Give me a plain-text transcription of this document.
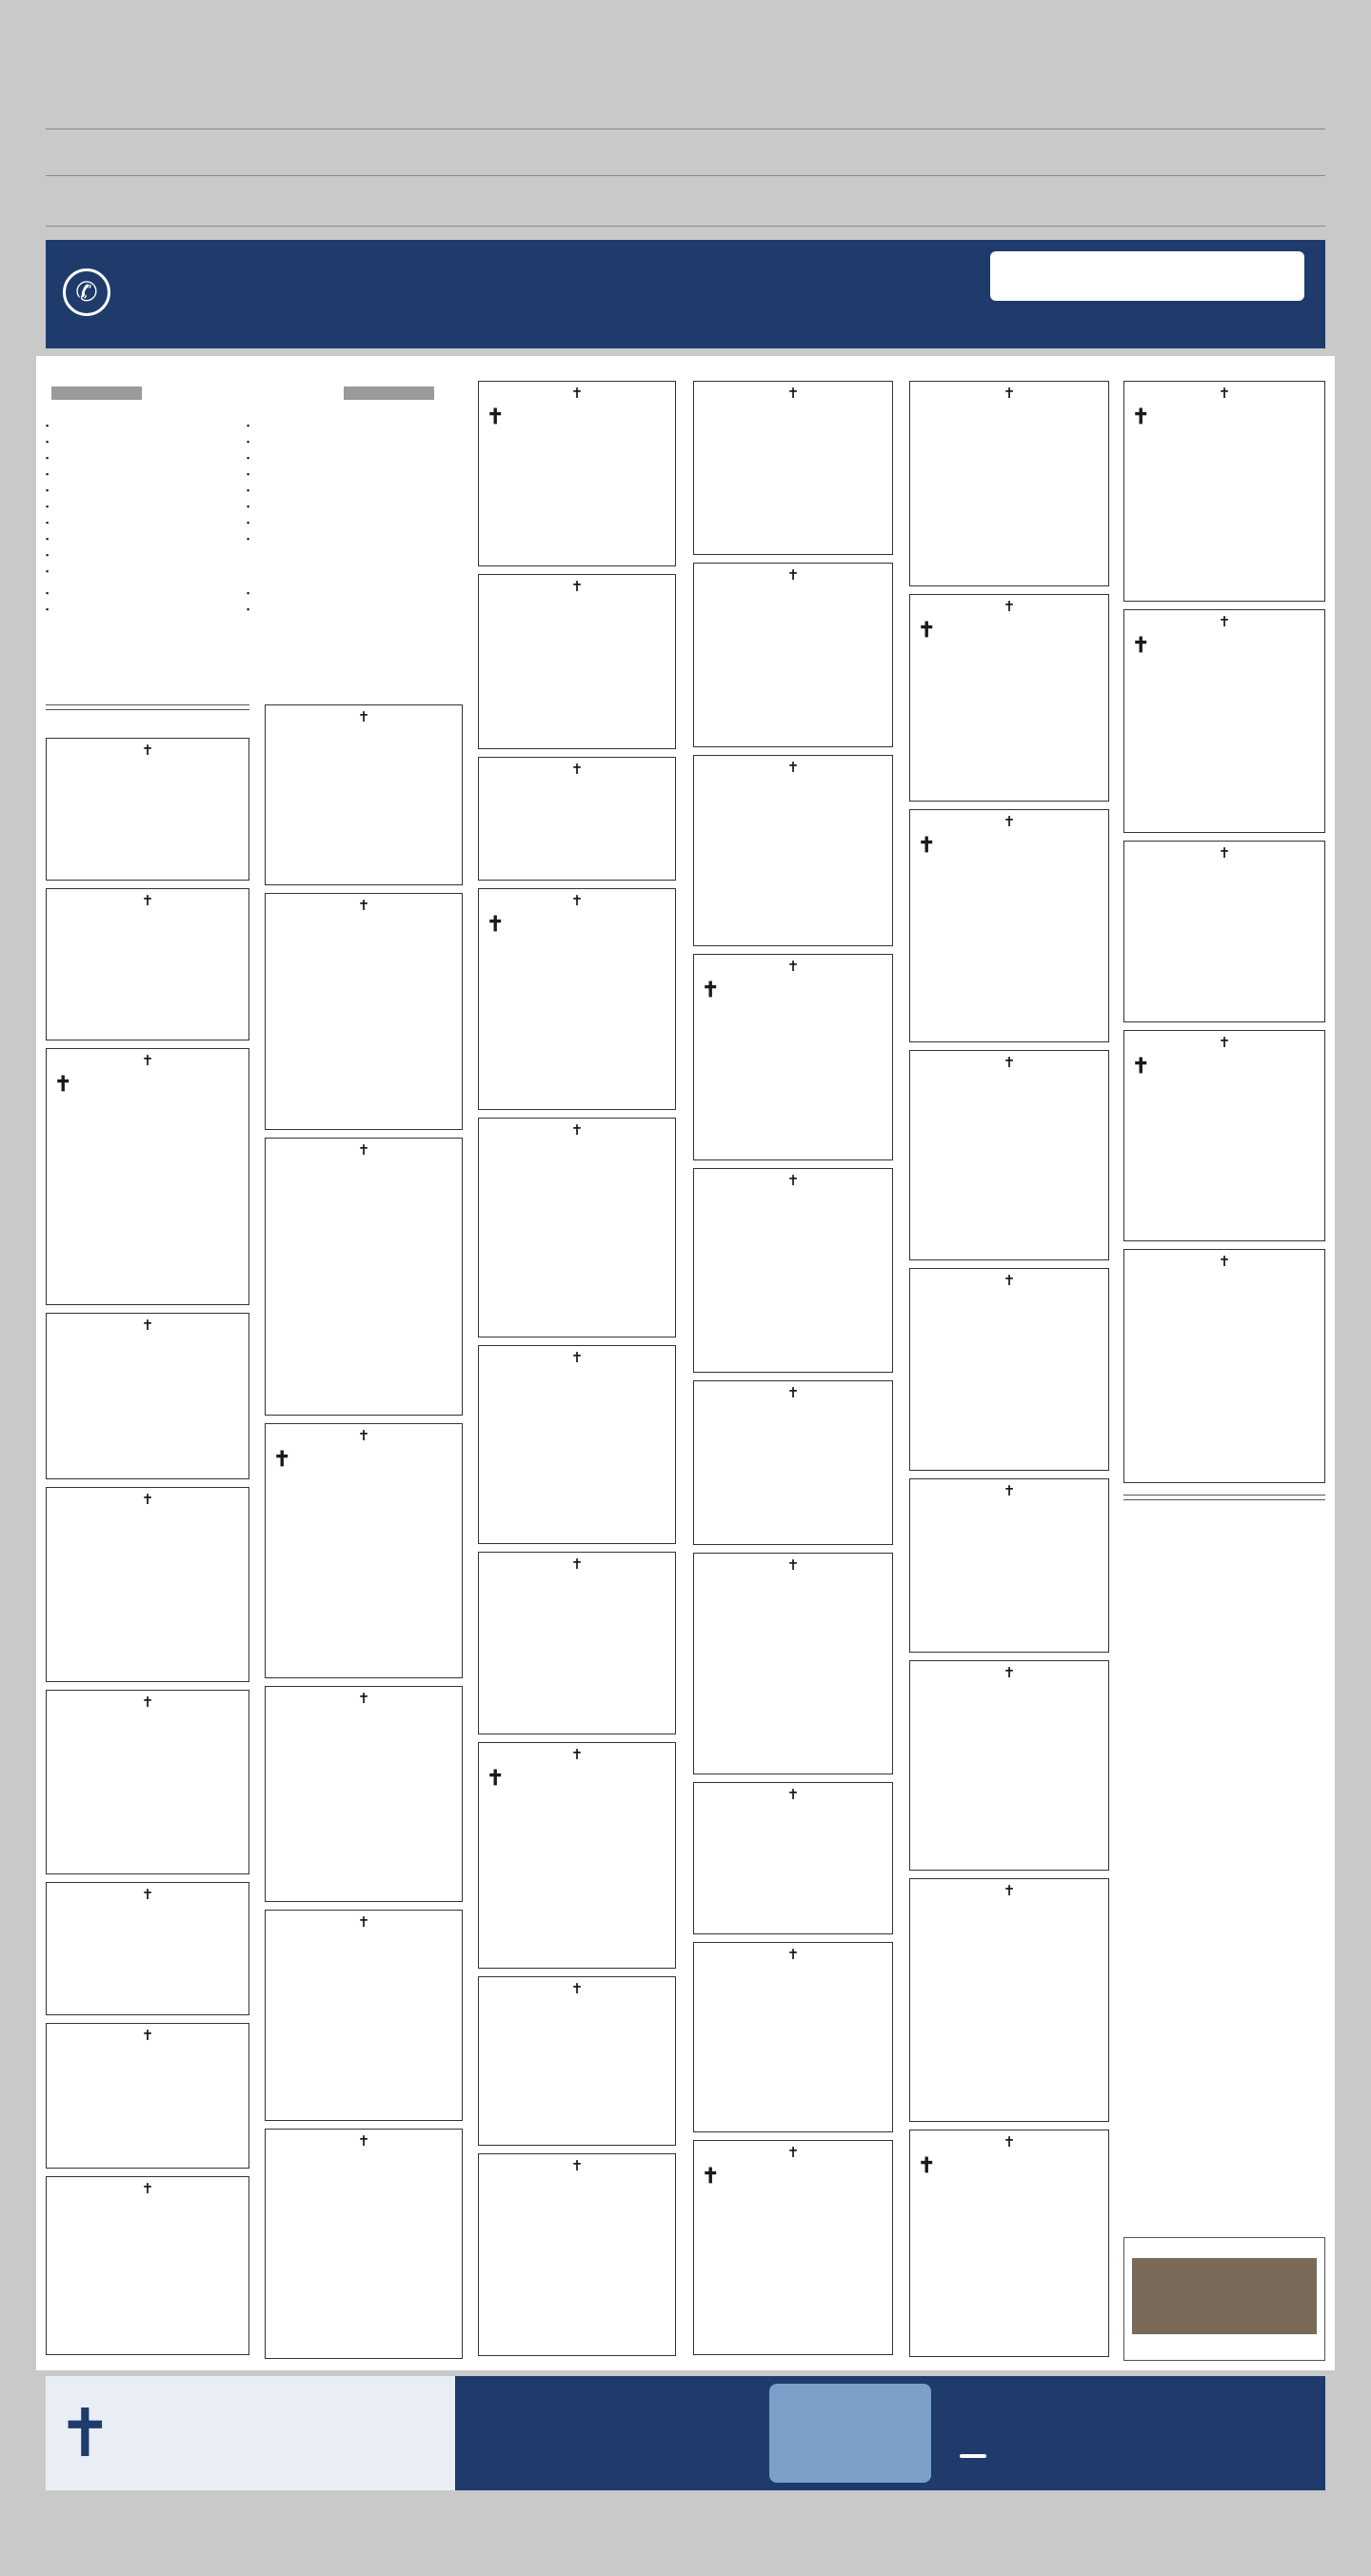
✆

▪
▪
▪
▪
▪
▪
▪
▪
▪
▪
▪
▪
▪
▪
▪
▪
▪
▪
▪
▪
▪
▪
✝
✝
✝
✝
✝
✝
✝
✝
✝
✝
✝
✝
✝
✝
✝
✝
✝
✝
✝
✝
✝
✝
✝
✝
✝
✝
✝
✝
✝
✝
✝
✝
✝
✝
✝
✝
✝
✝
✝
✝
✝
✝
✝
✝
✝
✝
✝
✝
✝
✝
✝
✝
✝
✝
✝
✝
✝
✝
✝
✝
✝
✝
✝
✝
